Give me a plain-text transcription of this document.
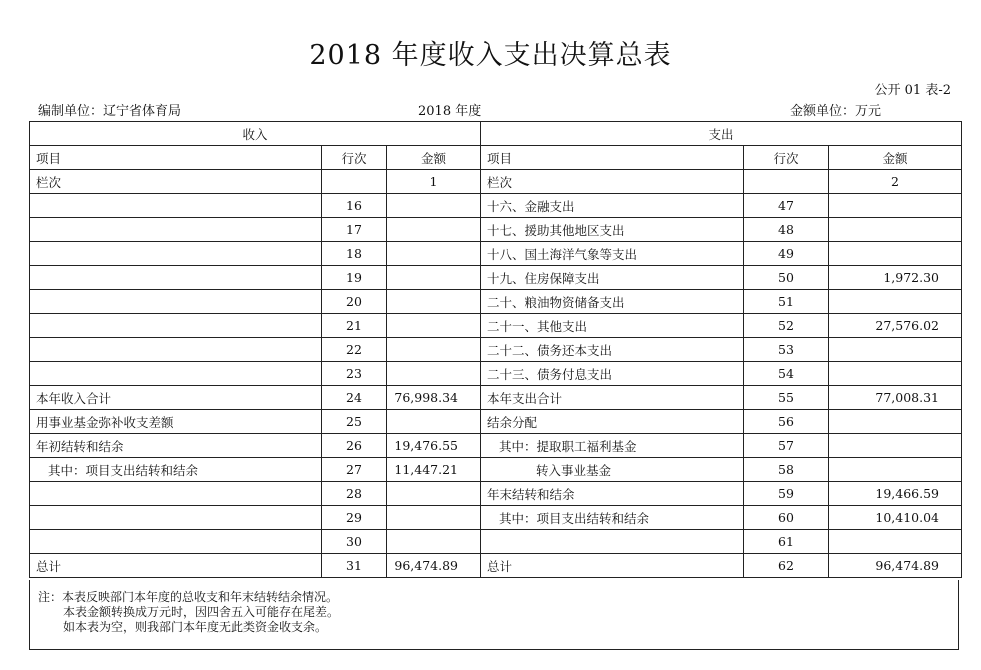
2018 年度收入支出决算总表
公开 01 表-2
编制单位：辽宁省体育局	2018 年度	金额单位：万元
收入			支出		
项目	行次	金额	项目	行次	金额
栏次		1	栏次		2
	16		十六、金融支出	47	
	17		十七、援助其他地区支出	48	
	18		十八、国土海洋气象等支出	49	
	19		十九、住房保障支出	50	1,972.30
	20		二十、粮油物资储备支出	51	
	21		二十一、其他支出	52	27,576.02
	22		二十二、债务还本支出	53	
	23		二十三、债务付息支出	54	
本年收入合计	24	76,998.34	本年支出合计	55	77,008.31
用事业基金弥补收支差额	25		结余分配	56	
年初结转和结余	26	19,476.55	其中：提取职工福利基金	57	
其中：项目支出结转和结余	27	11,447.21	转入事业基金	58	
	28		年末结转和结余	59	19,466.59
	29		其中：项目支出结转和结余	60	10,410.04
	30			61	
总计	31	96,474.89	总计	62	96,474.89
注：本表反映部门本年度的总收支和年末结转结余情况。
本表金额转换成万元时，因四舍五入可能存在尾差。
如本表为空，则我部门本年度无此类资金收支余。
